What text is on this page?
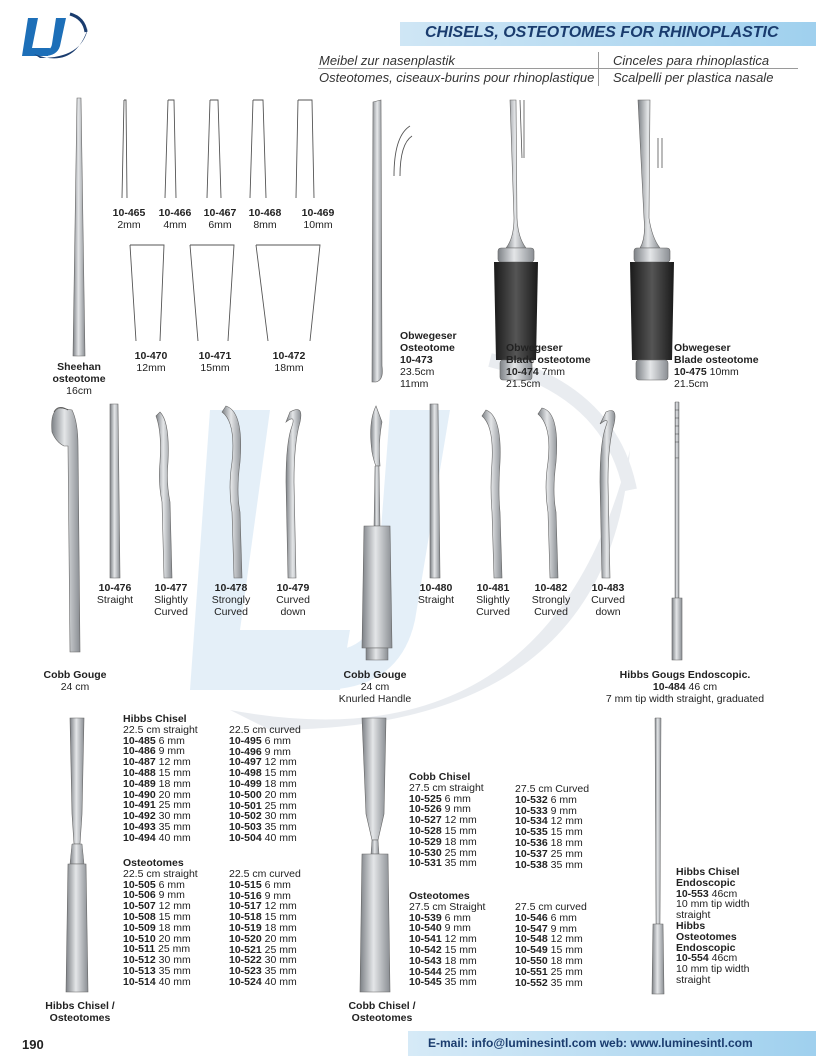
CHISELS, OSTEOTOMES FOR RHINOPLASTIC
Meibel zur nasenplastik	Cinceles para rhinoplastica
Osteotomes, ciseaux-burins pour rhinoplastique Scalpelli per plastica nasale
Sheehan
osteotome
16cm
10-465
2mm
10-466
4mm
10-467
6mm
10-468
8mm
10-469
10mm
10-470
12mm
10-471
15mm
10-472
18mm
Obwegeser
Osteotome
10-473
23.5cm
11mm
Obwegeser
Blade osteotome
10-474 7mm
21.5cm
Obwegeser
Blade osteotome
10-475 10mm
21.5cm
Cobb Gouge
24 cm
10-476
Straight
10-477
Slightly
Curved
10-478
Strongly
Curved
10-479
Curved
down
Cobb Gouge
24 cm
Knurled Handle
10-480
Straight
10-481
Slightly
Curved
10-482
Strongly
Curved
10-483
Curved
down
Hibbs Gougs Endoscopic.
10-484 46 cm
7 mm tip width straight, graduated
Hibbs Chisel /
Osteotomes
Hibbs Chisel
22.5 cm straight
10-485 6 mm
10-486 9 mm
10-487 12 mm
10-488 15 mm
10-489 18 mm
10-490 20 mm
10-491 25 mm
10-492 30 mm
10-493 35 mm
10-494 40 mm
22.5 cm curved
10-495 6 mm
10-496 9 mm
10-497 12 mm
10-498 15 mm
10-499 18 mm
10-500 20 mm
10-501 25 mm
10-502 30 mm
10-503 35 mm
10-504 40 mm
Osteotomes
22.5 cm straight
10-505 6 mm
10-506 9 mm
10-507 12 mm
10-508 15 mm
10-509 18 mm
10-510 20 mm
10-511 25 mm
10-512 30 mm
10-513 35 mm
10-514 40 mm
22.5 cm curved
10-515 6 mm
10-516 9 mm
10-517 12 mm
10-518 15 mm
10-519 18 mm
10-520 20 mm
10-521 25 mm
10-522 30 mm
10-523 35 mm
10-524 40 mm
Cobb Chisel /
Osteotomes
Cobb Chisel
27.5 cm straight
10-525 6 mm
10-526 9 mm
10-527 12 mm
10-528 15 mm
10-529 18 mm
10-530 25 mm
10-531 35 mm
27.5 cm Curved
10-532 6 mm
10-533 9 mm
10-534 12 mm
10-535 15 mm
10-536 18 mm
10-537 25 mm
10-538 35 mm
Osteotomes
27.5 cm Straight
10-539 6 mm
10-540 9 mm
10-541 12 mm
10-542 15 mm
10-543 18 mm
10-544 25 mm
10-545 35 mm
27.5 cm curved
10-546 6 mm
10-547 9 mm
10-548 12 mm
10-549 15 mm
10-550 18 mm
10-551 25 mm
10-552 35 mm
Hibbs Chisel
Endoscopic
10-553 46cm
10 mm tip width
straight
Hibbs
Osteotomes
Endoscopic
10-554 46cm
10 mm tip width
straight
190	E-mail: info@luminesintl.com web: www.luminesintl.com
